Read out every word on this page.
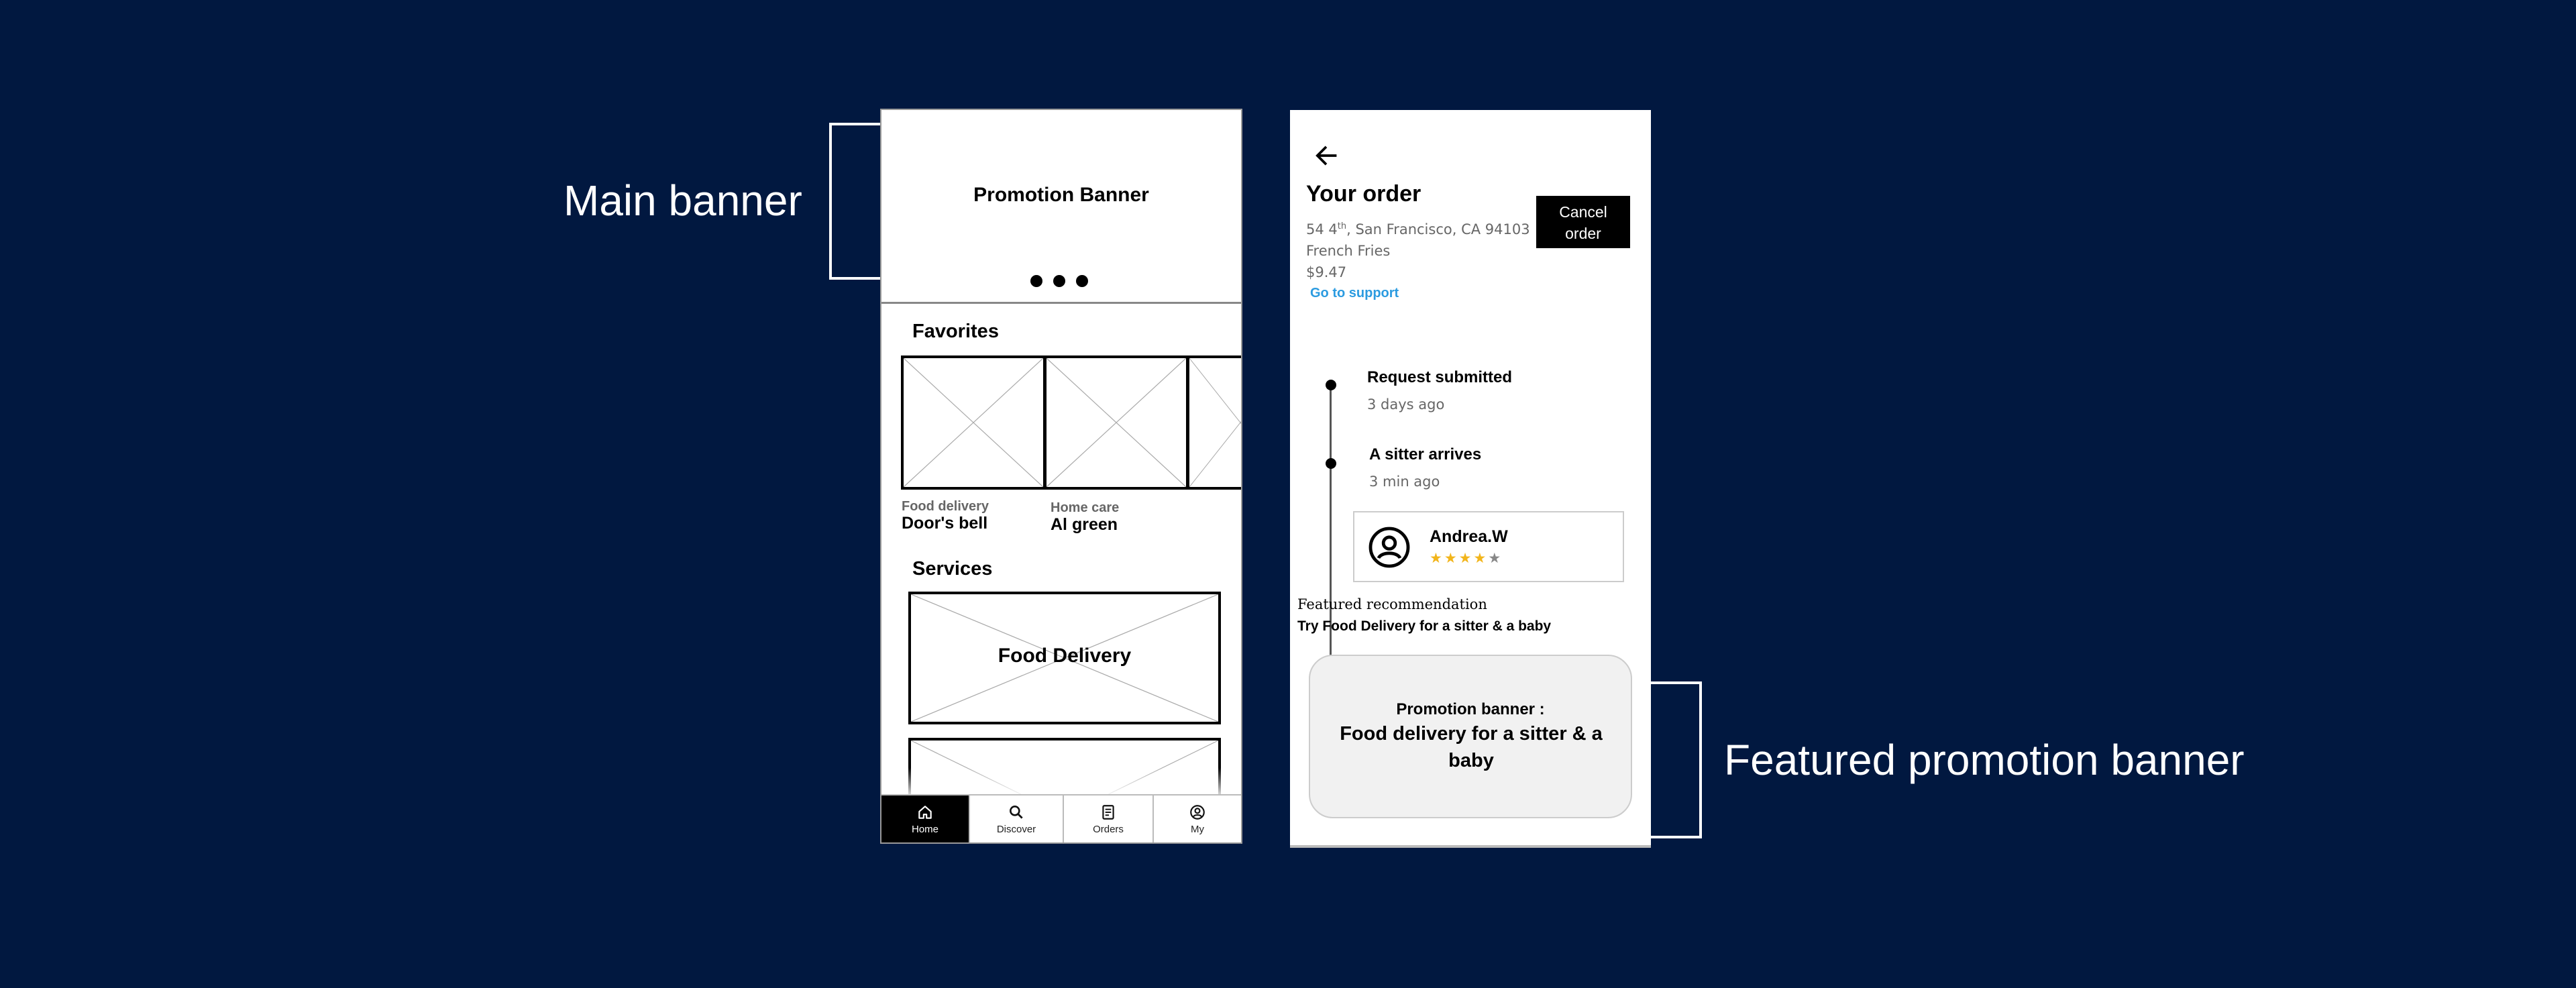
Main banner
Featured promotion banner
Promotion Banner
Favorites
Food delivery
Door's bell
Home care
Al green
Services
Food Delivery
Home	Discover	Orders	My
Your order
Cancel order
54 4th, San Francisco, CA 94103
French Fries
$9.47
Go to support
Request submitted
3 days ago
A sitter arrives
3 min ago
Andrea.W
★★★★★
Featured recommendation
Try Food Delivery for a sitter & a baby
Promotion banner :
Food delivery for a sitter & a baby
